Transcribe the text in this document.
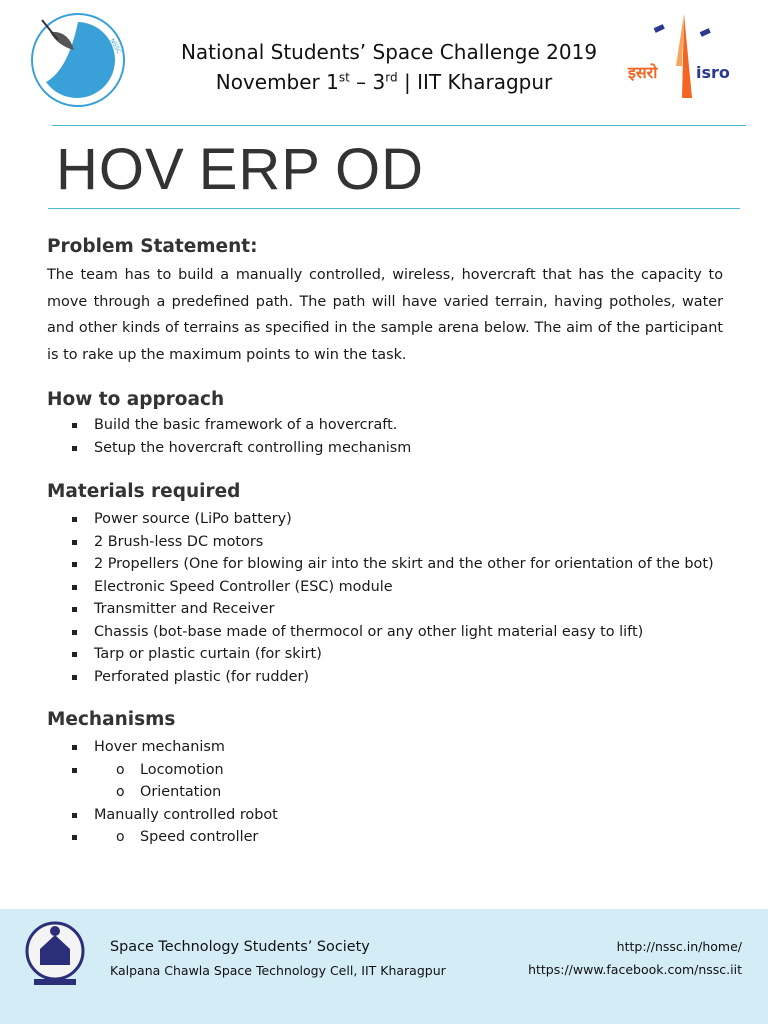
NSSC	National Students’ Space Challenge 2019
November 1st – 3rd | IIT Kharagpur	इसरो isro
HOV ERP OD
Problem Statement:
The team has to build a manually controlled, wireless, hovercraft that has the capacity to move through a predefined path. The path will have varied terrain, having potholes, water and other kinds of terrains as specified in the sample arena below. The aim of the participant is to rake up the maximum points to win the task.
How to approach
Build the basic framework of a hovercraft.
Setup the hovercraft controlling mechanism
Materials required
Power source (LiPo battery)
2 Brush-less DC motors
2 Propellers (One for blowing air into the skirt and the other for orientation of the bot)
Electronic Speed Controller (ESC) module
Transmitter and Receiver
Chassis (bot-base made of thermocol or any other light material easy to lift)
Tarp or plastic curtain (for skirt)
Perforated plastic (for rudder)
Mechanisms
Hover mechanism
o Locomotion
o Orientation
Manually controlled robot
o Speed controller
Space Technology Students’ Society
Kalpana Chawla Space Technology Cell, IIT Kharagpur
http://nssc.in/home/
https://www.facebook.com/nssc.iit
